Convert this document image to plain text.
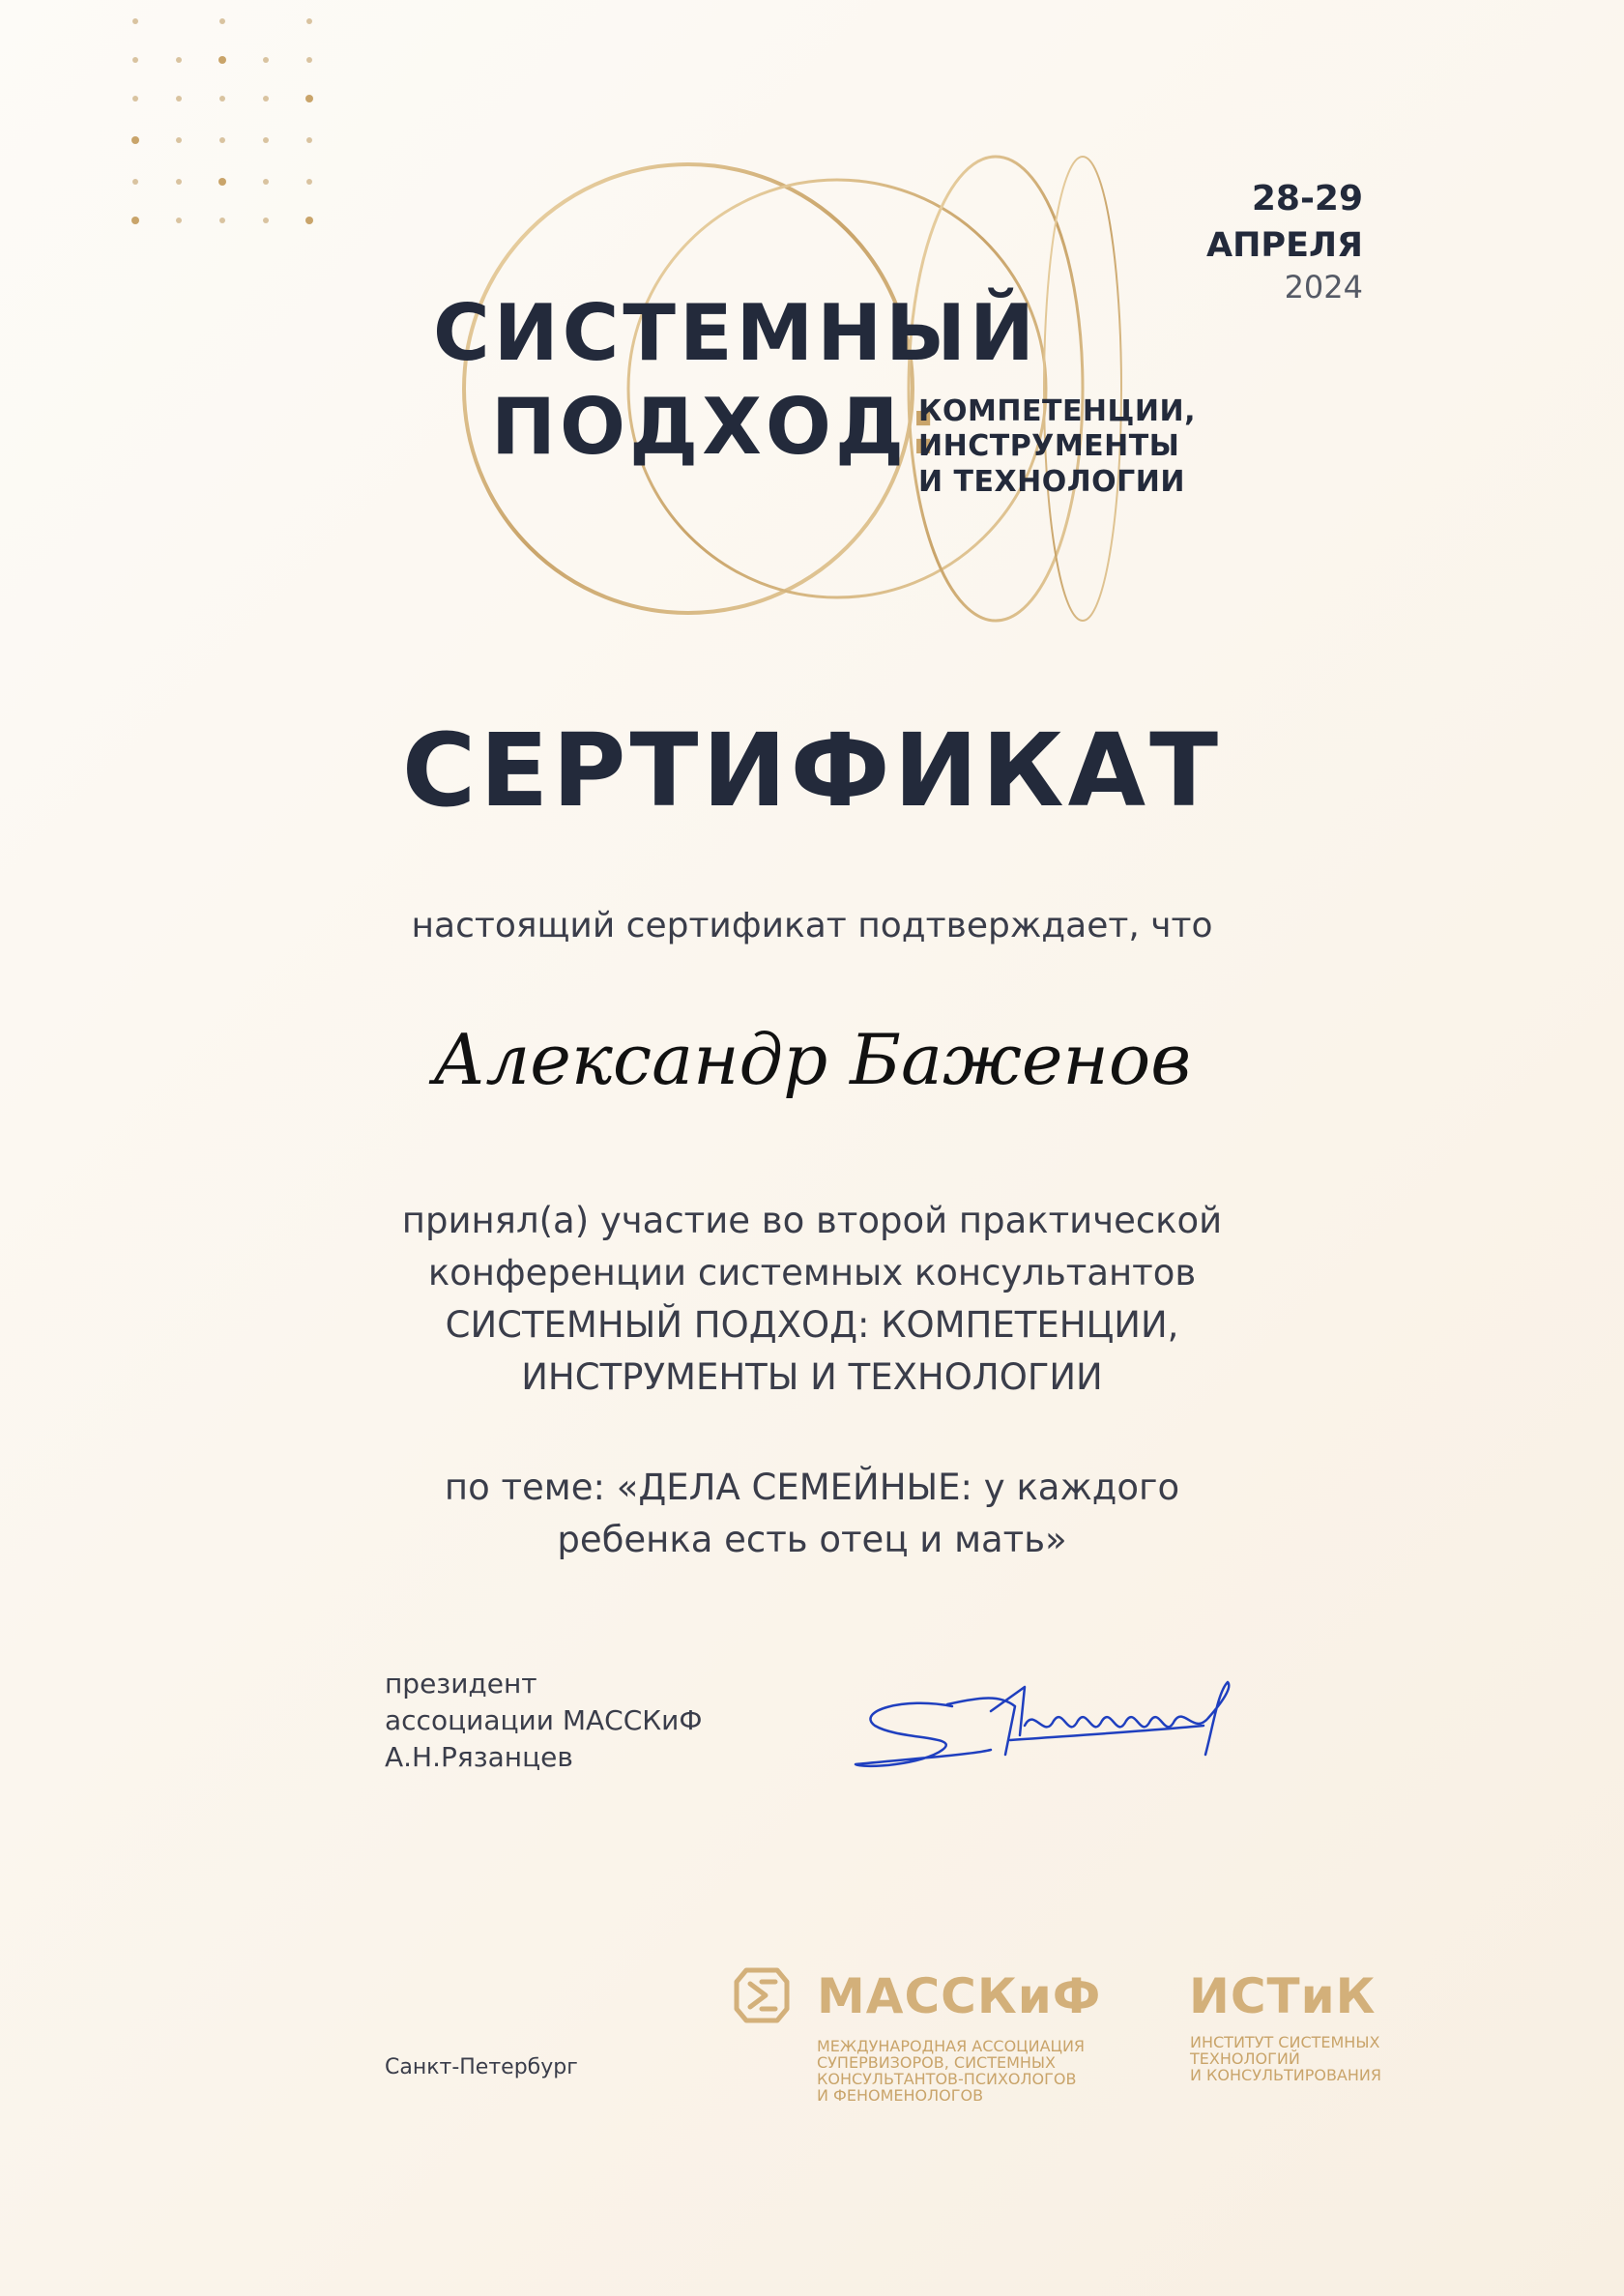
СИСТЕМНЫЙ
ПОДХОД:
КОМПЕТЕНЦИИ,
ИНСТРУМЕНТЫ
И ТЕХНОЛОГИИ
28-29
АПРЕЛЯ
2024
СЕРТИФИКАТ
настоящий сертификат подтверждает, что
Александр Баженов
принял(а) участие во второй практической
конференции системных консультантов
СИСТЕМНЫЙ ПОДХОД: КОМПЕТЕНЦИИ,
ИНСТРУМЕНТЫ И ТЕХНОЛОГИИ
по теме: «ДЕЛА СЕМЕЙНЫЕ: у каждого
ребенка есть отец и мать»
президент
ассоциации МАССКиФ
А.Н.Рязанцев
Санкт-Петербург
МАССКиФ
МЕЖДУНАРОДНАЯ АССОЦИАЦИЯ
СУПЕРВИЗОРОВ, СИСТЕМНЫХ
КОНСУЛЬТАНТОВ-ПСИХОЛОГОВ
И ФЕНОМЕНОЛОГОВ
ИСТиК
ИНСТИТУТ СИСТЕМНЫХ
ТЕХНОЛОГИЙ
И КОНСУЛЬТИРОВАНИЯ
